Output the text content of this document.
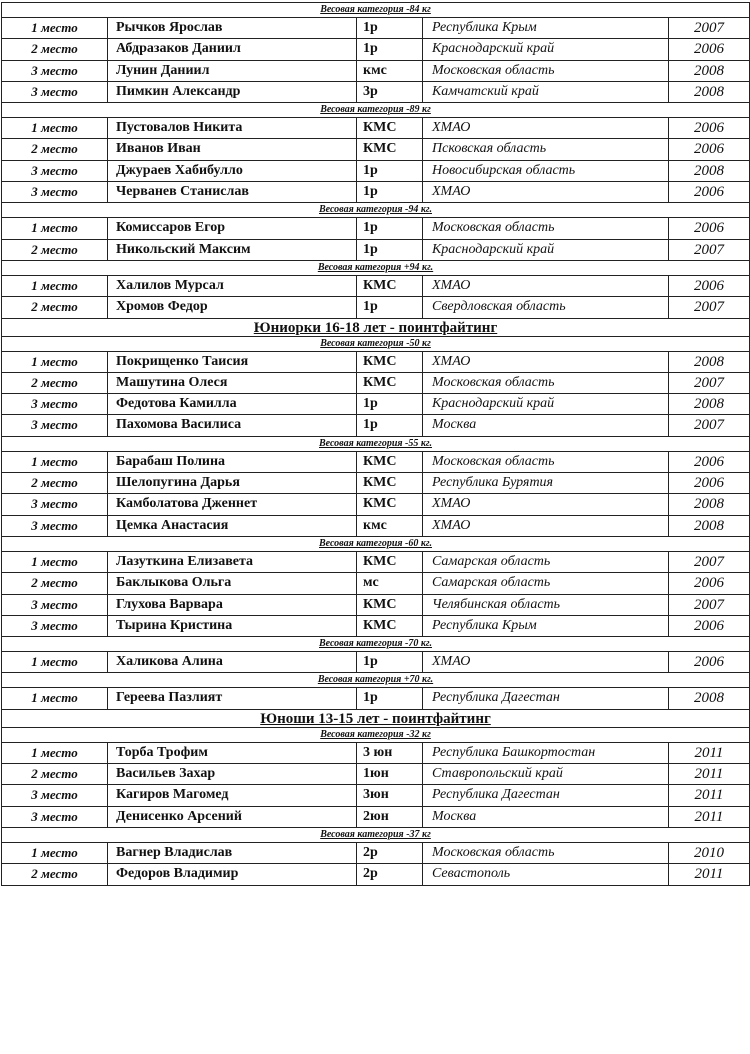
Весовая категория -84 кг
1 место	Рычков Ярослав	1р	Республика Крым	2007
2 место	Абдразаков Даниил	1р	Краснодарский край	2006
3 место	Лунин Даниил	кмс	Московская область	2008
3 место	Пимкин Александр	3р	Камчатский край	2008
Весовая категория -89 кг
1 место	Пустовалов Никита	КМС	ХМАО	2006
2 место	Иванов Иван	КМС	Псковская область	2006
3 место	Джураев Хабибулло	1р	Новосибирская область	2008
3 место	Черванев Станислав	1р	ХМАО	2006
Весовая категория -94 кг.
1 место	Комиссаров Егор	1р	Московская область	2006
2 место	Никольский Максим	1р	Краснодарский край	2007
Весовая категория +94 кг.
1 место	Халилов Мурсал	КМС	ХМАО	2006
2 место	Хромов Федор	1р	Свердловская область	2007
Юниорки 16-18 лет - поинтфайтинг
Весовая категория -50 кг
1 место	Покрищенко Таисия	КМС	ХМАО	2008
2 место	Машутина Олеся	КМС	Московская область	2007
3 место	Федотова Камилла	1р	Краснодарский край	2008
3 место	Пахомова Василиса	1р	Москва	2007
Весовая категория -55 кг.
1 место	Барабаш Полина	КМС	Московская область	2006
2 место	Шелопугина Дарья	КМС	Республика Бурятия	2006
3 место	Камболатова Дженнет	КМС	ХМАО	2008
3 место	Цемка Анастасия	кмс	ХМАО	2008
Весовая категория -60 кг.
1 место	Лазуткина Елизавета	КМС	Самарская область	2007
2 место	Баклыкова Ольга	мс	Самарская область	2006
3 место	Глухова Варвара	КМС	Челябинская область	2007
3 место	Тырина Кристина	КМС	Республика Крым	2006
Весовая категория -70 кг.
1 место	Халикова Алина	1р	ХМАО	2006
Весовая категория +70 кг.
1 место	Гереева Пазлият	1р	Республика Дагестан	2008
Юноши 13-15 лет - поинтфайтинг
Весовая категория -32 кг
1 место	Торба Трофим	3 юн	Республика Башкортостан	2011
2 место	Васильев Захар	1юн	Ставропольский край	2011
3 место	Кагиров Магомед	3юн	Республика Дагестан	2011
3 место	Денисенко Арсений	2юн	Москва	2011
Весовая категория -37 кг
1 место	Вагнер Владислав	2р	Московская область	2010
2 место	Федоров Владимир	2р	Севастополь	2011
